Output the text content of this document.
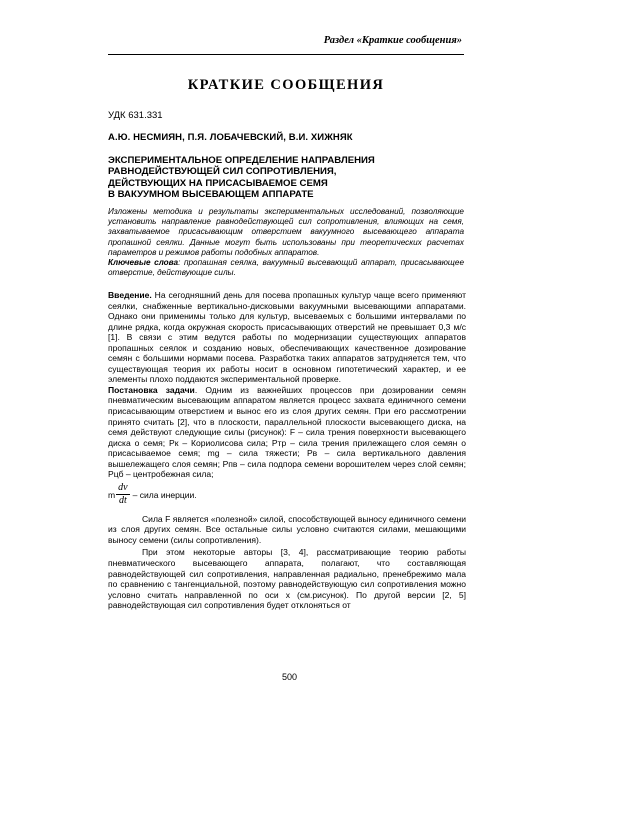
Раздел «Краткие сообщения»
КРАТКИЕ СООБЩЕНИЯ
УДК 631.331
А.Ю. НЕСМИЯН, П.Я. ЛОБАЧЕВСКИЙ, В.И. ХИЖНЯК
ЭКСПЕРИМЕНТАЛЬНОЕ ОПРЕДЕЛЕНИЕ НАПРАВЛЕНИЯ
РАВНОДЕЙСТВУЮЩЕЙ СИЛ СОПРОТИВЛЕНИЯ,
ДЕЙСТВУЮЩИХ НА ПРИСАСЫВАЕМОЕ СЕМЯ
В ВАКУУМНОМ ВЫСЕВАЮЩЕМ АППАРАТЕ
Изложены методика и результаты экспериментальных исследований, позволяющие установить направление равнодействующей сил сопротивления, влияющих на семя, захватываемое присасывающим отверстием вакуумного высевающего аппарата пропашной сеялки. Данные могут быть использованы при теоретических расчетах параметров и режимов работы подобных аппаратов.
Ключевые слова: пропашная сеялка, вакуумный высевающий аппарат, присасывающее отверстие, действующие силы.

Введение. На сегодняшний день для посева пропашных культур чаще всего применяют сеялки, снабженные вертикально-дисковыми вакуумными высевающими аппаратами. Однако они применимы только для культур, высеваемых с большими интервалами по длине рядка, когда окружная скорость присасывающих отверстий не превышает 0,3 м/с [1]. В связи с этим ведутся работы по модернизации существующих аппаратов пропашных сеялок и созданию новых, обеспечивающих качественное дозирование семян с большими нормами посева. Разработка таких аппаратов затрудняется тем, что существующая теория их работы носит в основном гипотетический характер, и ее элементы плохо поддаются экспериментальной проверке.

Постановка задачи. Одним из важнейших процессов при дозировании семян пневматическим высевающим аппаратом является процесс захвата единичного семени присасывающим отверстием и вынос его из слоя других семян. При его рассмотрении принято считать [2], что в плоскости, параллельной плоскости высевающего диска, на семя действуют следующие силы (рисунок): F – сила трения поверхности высевающего диска о семя; Pк – Кориолисова сила; Pтр – сила трения прилежащего слоя семян о присасываемое семя; mg – сила тяжести; Pв – сила вертикального давления вышележащего слоя семян; Pпв – сила подпора семени ворошителем через слой семян; Pцб – центробежная сила;

m $\frac{dv}{dt}$ – сила инерции.

Сила F является «полезной» силой, способствующей выносу единичного семени из слоя других семян. Все остальные силы условно считаются силами, мешающими выносу семени (силы сопротивления).

При этом некоторые авторы [3, 4], рассматривающие теорию работы пневматического высевающего аппарата, полагают, что составляющая равнодействующей сил сопротивления, направленная радиально, пренебрежимо мала по сравнению с тангенциальной, поэтому равнодействующую сил сопротивления можно условно считать направленной по оси x (см.рисунок). По другой версии [2, 5] равнодействующая сил сопротивления будет отклоняться от

500
